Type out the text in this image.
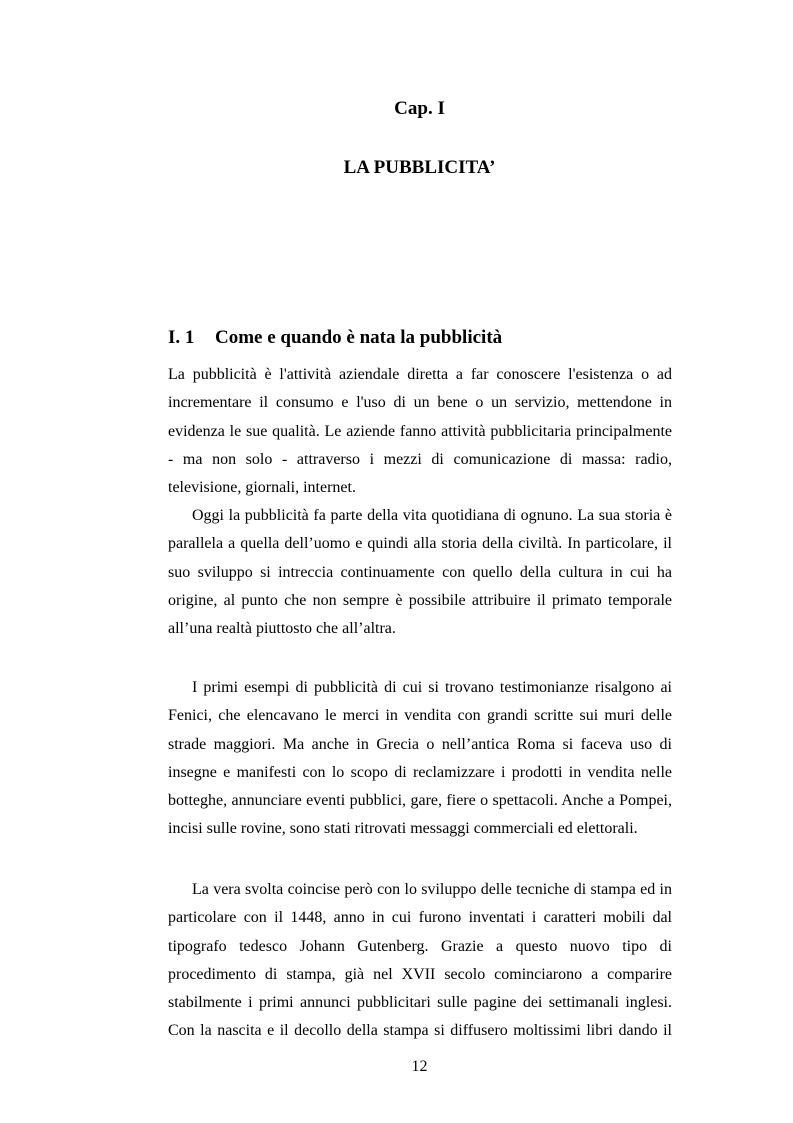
Cap. I
LA PUBBLICITA’
I. 1 Come e quando è nata la pubblicità
La pubblicità è l'attività aziendale diretta a far conoscere l'esistenza o ad
incrementare il consumo e l'uso di un bene o un servizio, mettendone in
evidenza le sue qualità. Le aziende fanno attività pubblicitaria principalmente
- ma non solo - attraverso i mezzi di comunicazione di massa: radio,
televisione, giornali, internet.
Oggi la pubblicità fa parte della vita quotidiana di ognuno. La sua storia è
parallela a quella dell’uomo e quindi alla storia della civiltà. In particolare, il
suo sviluppo si intreccia continuamente con quello della cultura in cui ha
origine, al punto che non sempre è possibile attribuire il primato temporale
all’una realtà piuttosto che all’altra.
I primi esempi di pubblicità di cui si trovano testimonianze risalgono ai
Fenici, che elencavano le merci in vendita con grandi scritte sui muri delle
strade maggiori. Ma anche in Grecia o nell’antica Roma si faceva uso di
insegne e manifesti con lo scopo di reclamizzare i prodotti in vendita nelle
botteghe, annunciare eventi pubblici, gare, fiere o spettacoli. Anche a Pompei,
incisi sulle rovine, sono stati ritrovati messaggi commerciali ed elettorali.
La vera svolta coincise però con lo sviluppo delle tecniche di stampa ed in
particolare con il 1448, anno in cui furono inventati i caratteri mobili dal
tipografo tedesco Johann Gutenberg. Grazie a questo nuovo tipo di
procedimento di stampa, già nel XVII secolo cominciarono a comparire
stabilmente i primi annunci pubblicitari sulle pagine dei settimanali inglesi.
Con la nascita e il decollo della stampa si diffusero moltissimi libri dando il
12
